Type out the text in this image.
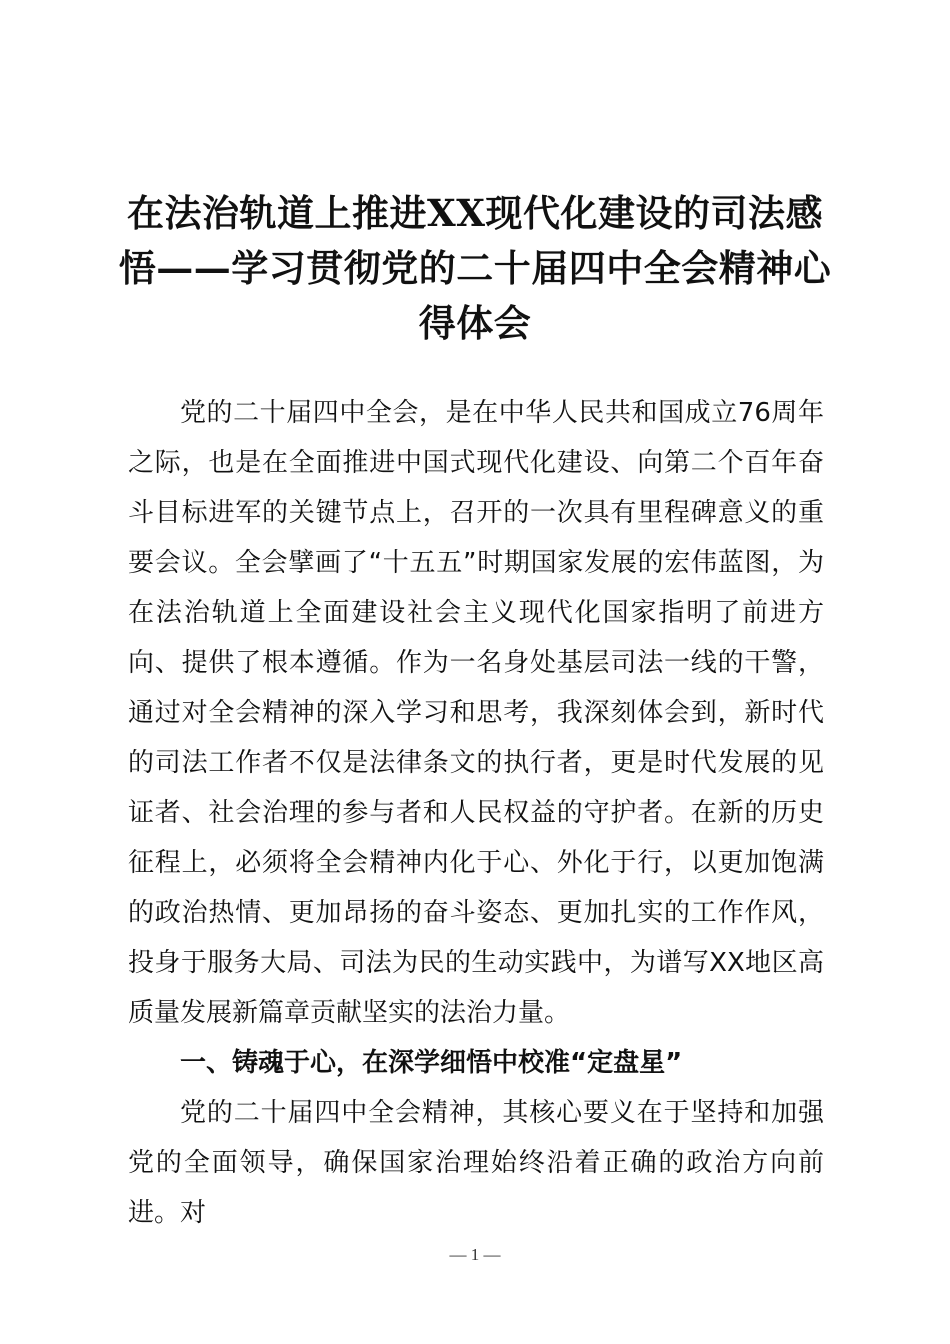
在法治轨道上推进XX现代化建设的司法感悟——学习贯彻党的二十届四中全会精神心得体会

党的二十届四中全会，是在中华人民共和国成立76周年之际，也是在全面推进中国式现代化建设、向第二个百年奋斗目标进军的关键节点上，召开的一次具有里程碑意义的重要会议。全会擘画了“十五五”时期国家发展的宏伟蓝图，为在法治轨道上全面建设社会主义现代化国家指明了前进方向、提供了根本遵循。作为一名身处基层司法一线的干警，通过对全会精神的深入学习和思考，我深刻体会到，新时代的司法工作者不仅是法律条文的执行者，更是时代发展的见证者、社会治理的参与者和人民权益的守护者。在新的历史征程上，必须将全会精神内化于心、外化于行，以更加饱满的政治热情、更加昂扬的奋斗姿态、更加扎实的工作作风，投身于服务大局、司法为民的生动实践中，为谱写XX地区高质量发展新篇章贡献坚实的法治力量。

一、铸魂于心，在深学细悟中校准“定盘星”

党的二十届四中全会精神，其核心要义在于坚持和加强党的全面领导，确保国家治理始终沿着正确的政治方向前进。对

— 1 —
